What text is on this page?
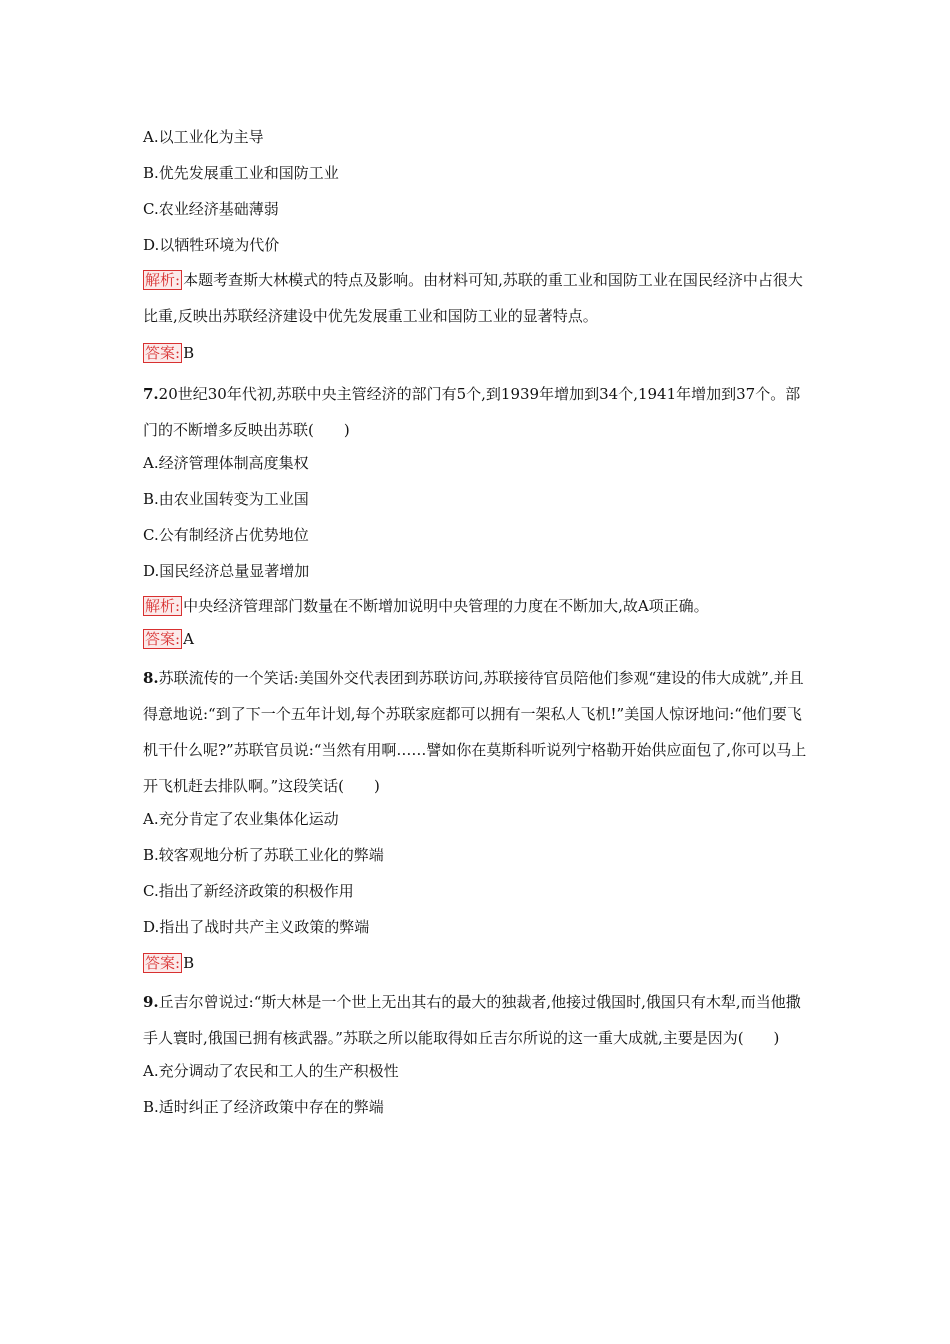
A.以工业化为主导
B.优先发展重工业和国防工业
C.农业经济基础薄弱
D.以牺牲环境为代价
解析: 本题考查斯大林模式的特点及影响。由材料可知,苏联的重工业和国防工业在国民经济中占很大比重,反映出苏联经济建设中优先发展重工业和国防工业的显著特点。
答案: B
7.20世纪30年代初,苏联中央主管经济的部门有5个,到1939年增加到34个,1941年增加到37个。部门的不断增多反映出苏联(　　)
A.经济管理体制高度集权
B.由农业国转变为工业国
C.公有制经济占优势地位
D.国民经济总量显著增加
解析: 中央经济管理部门数量在不断增加说明中央管理的力度在不断加大,故A项正确。
答案: A
8.苏联流传的一个笑话:美国外交代表团到苏联访问,苏联接待官员陪他们参观“建设的伟大成就”,并且得意地说:“到了下一个五年计划,每个苏联家庭都可以拥有一架私人飞机!”美国人惊讶地问:“他们要飞机干什么呢?”苏联官员说:“当然有用啊……譬如你在莫斯科听说列宁格勒开始供应面包了,你可以马上开飞机赶去排队啊。”这段笑话(　　)
A.充分肯定了农业集体化运动
B.较客观地分析了苏联工业化的弊端
C.指出了新经济政策的积极作用
D.指出了战时共产主义政策的弊端
答案: B
9.丘吉尔曾说过:“斯大林是一个世上无出其右的最大的独裁者,他接过俄国时,俄国只有木犁,而当他撒手人寰时,俄国已拥有核武器。”苏联之所以能取得如丘吉尔所说的这一重大成就,主要是因为(　　)
A.充分调动了农民和工人的生产积极性
B.适时纠正了经济政策中存在的弊端
